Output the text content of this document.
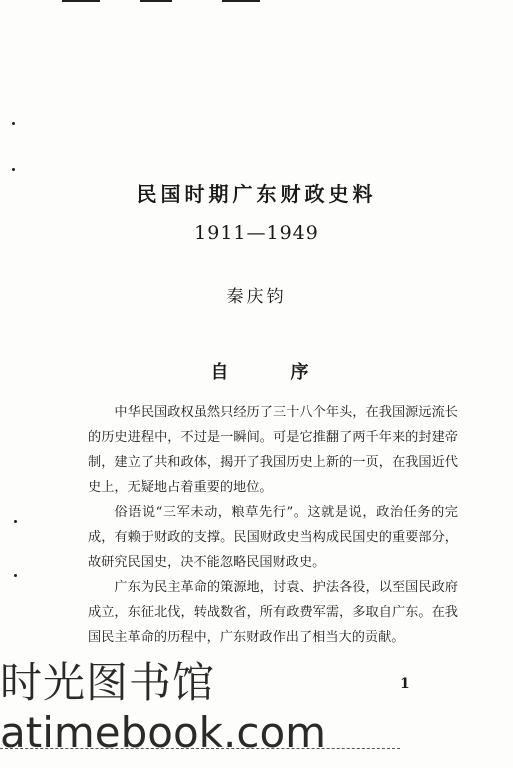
民国时期广东财政史料
1911—1949
秦庆钧
自　序

中华民国政权虽然只经历了三十八个年头，在我国源远流长的历史进程中，不过是一瞬间。可是它推翻了两千年来的封建帝制，建立了共和政体，揭开了我国历史上新的一页，在我国近代史上，无疑地占着重要的地位。

俗语说“三军未动，粮草先行”。这就是说，政治任务的完成，有赖于财政的支撑。民国财政史当构成民国史的重要部分，故研究民国史，决不能忽略民国财政史。

广东为民主革命的策源地，讨袁、护法各役，以至国民政府成立，东征北伐，转战数省，所有政费军需，多取自广东。在我国民主革命的历程中，广东财政作出了相当大的贡献。

1
时光图书馆
atimebook.com
